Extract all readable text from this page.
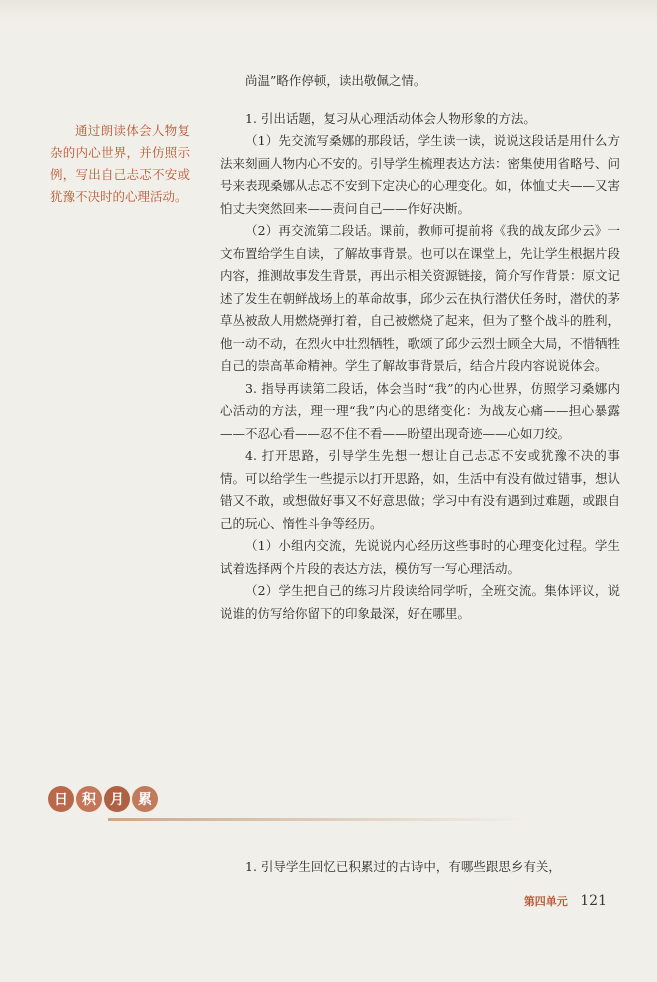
通过朗读体会人物复杂的内心世界，并仿照示例，写出自己忐忑不安或犹豫不决时的心理活动。

尚温”略作停顿，读出敬佩之情。

1. 引出话题，复习从心理活动体会人物形象的方法。

（1）先交流写桑娜的那段话，学生读一读，说说这段话是用什么方法来刻画人物内心不安的。引导学生梳理表达方法：密集使用省略号、问号来表现桑娜从忐忑不安到下定决心的心理变化。如，体恤丈夫——又害怕丈夫突然回来——责问自己——作好决断。

（2）再交流第二段话。课前，教师可提前将《我的战友邱少云》一文布置给学生自读，了解故事背景。也可以在课堂上，先让学生根据片段内容，推测故事发生背景，再出示相关资源链接，简介写作背景：原文记述了发生在朝鲜战场上的革命故事，邱少云在执行潜伏任务时，潜伏的茅草丛被敌人用燃烧弹打着，自己被燃烧了起来，但为了整个战斗的胜利，他一动不动，在烈火中壮烈牺牲，歌颂了邱少云烈士顾全大局，不惜牺牲自己的崇高革命精神。学生了解故事背景后，结合片段内容说说体会。

3. 指导再读第二段话，体会当时“我”的内心世界，仿照学习桑娜内心活动的方法，理一理“我”内心的思绪变化：为战友心痛——担心暴露——不忍心看——忍不住不看——盼望出现奇迹——心如刀绞。

4. 打开思路，引导学生先想一想让自己忐忑不安或犹豫不决的事情。可以给学生一些提示以打开思路，如，生活中有没有做过错事，想认错又不敢，或想做好事又不好意思做；学习中有没有遇到过难题，或跟自己的玩心、惰性斗争等经历。

（1）小组内交流，先说说内心经历这些事时的心理变化过程。学生试着选择两个片段的表达方法，模仿写一写心理活动。

（2）学生把自己的练习片段读给同学听，全班交流。集体评议，说说谁的仿写给你留下的印象最深，好在哪里。

日	积	月	累
1. 引导学生回忆已积累过的古诗中，有哪些跟思乡有关，
第四单元 121
